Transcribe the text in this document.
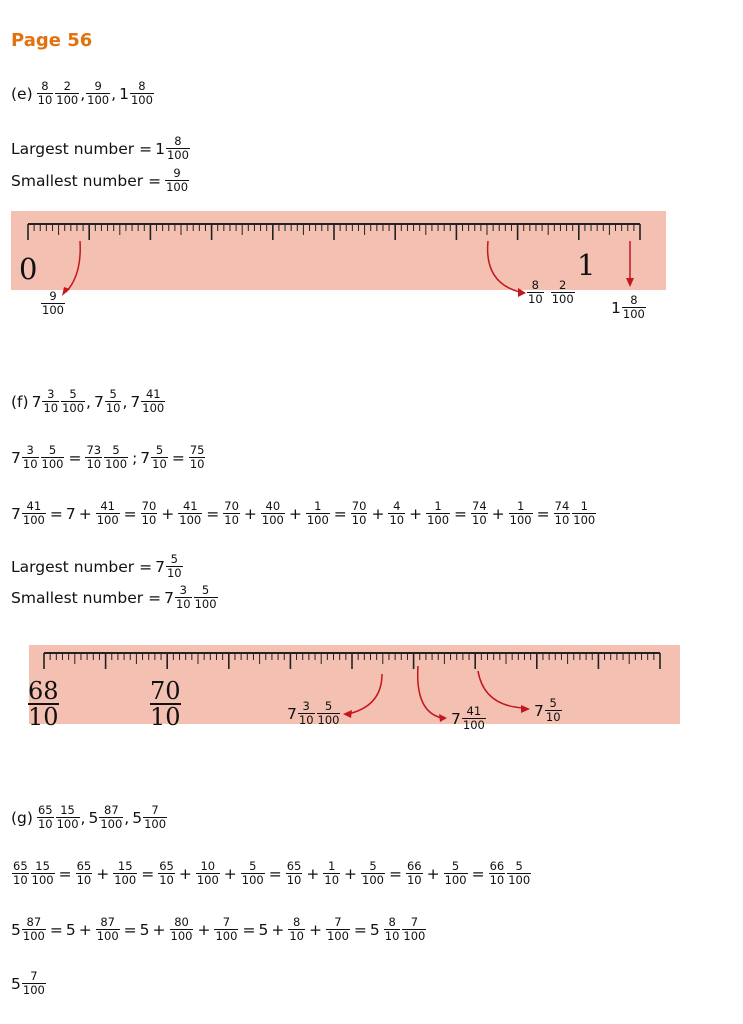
Page 56
$(e) \frac{8}{10} \frac{2}{100}$ , $\frac{9}{100}$ , $1 \frac{8}{100}$
Largest number = $1 \frac{8}{100}$
Smallest number = $\frac{9}{100}$
0	1
$\frac{9}{100}$	$\frac{8}{10}$
$\frac{2}{100}$
$1 \frac{8}{100}$
(f) $7 \frac{3}{10} \frac{5}{100}$ , $7 \frac{5}{10}$ , $7 \frac{41}{100}$
$7 \frac{3}{10} \frac{5}{100} = \frac{73}{10} \frac{5}{100}$ ; $7 \frac{5}{10} = \frac{75}{10}$
$7 \frac{41}{100} = 7 + \frac{41}{100} = \frac{70}{10} + \frac{41}{100} = \frac{70}{10} + \frac{40}{100} + \frac{1}{100} = \frac{70}{10} + \frac{4}{10} + \frac{1}{100} = \frac{74}{10} + \frac{1}{100} = \frac{74}{10} \frac{1}{100}$
Largest number = $7 \frac{5}{10}$
Smallest number = $7 \frac{3}{10} \frac{5}{100}$
68
10
70
10	$7 \frac{3}{10} \frac{5}{100}$	$7 \frac{41}{100}$	$7 \frac{5}{10}$
$(g) \frac{65}{10} \frac{15}{100}$ , $5 \frac{87}{100}$ , $5 \frac{7}{100}$
$\frac{65}{10} \frac{15}{100} = \frac{65}{10} + \frac{15}{100} = \frac{65}{10} + \frac{10}{100} + \frac{5}{100} = \frac{65}{10} + \frac{1}{10} + \frac{5}{100} = \frac{66}{10} + \frac{5}{100} = \frac{66}{10} \frac{5}{100}$
$5 \frac{87}{100} = 5 + \frac{87}{100} = 5 + \frac{80}{100} + \frac{7}{100} = 5 + \frac{8}{10} + \frac{7}{100} = 5 \frac{8}{10} \frac{7}{100}$
$5 \frac{7}{100}$
